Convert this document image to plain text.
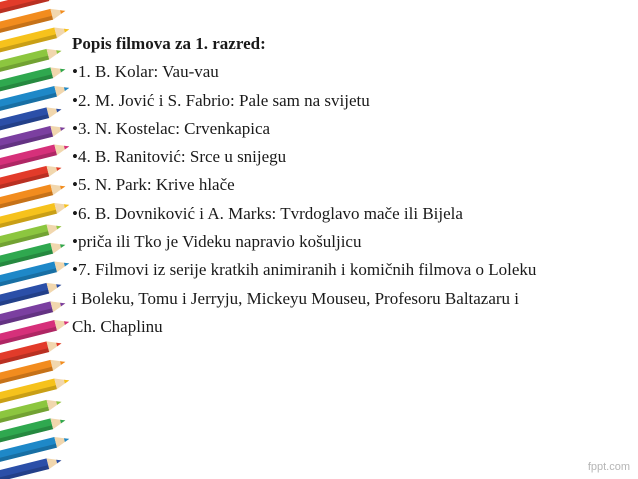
Popis filmova za 1. razred:
•1. B. Kolar: Vau-vau
•2. M. Jović i S. Fabrio: Pale sam na svijetu
•3. N. Kostelac: Crvenkapica
•4. B. Ranitović: Srce u snijegu
•5. N. Park: Krive hlače
•6. B. Dovniković i A. Marks: Tvrdoglavo mače ili Bijela
•priča ili Tko je Videku napravio košuljicu
•7. Filmovi iz serije kratkih animiranih i komičnih filmova o Loleku
i Boleku, Tomu i Jerryju, Mickeyu Mouseu, Profesoru Baltazaru i
Ch. Chaplinu
fppt.com
